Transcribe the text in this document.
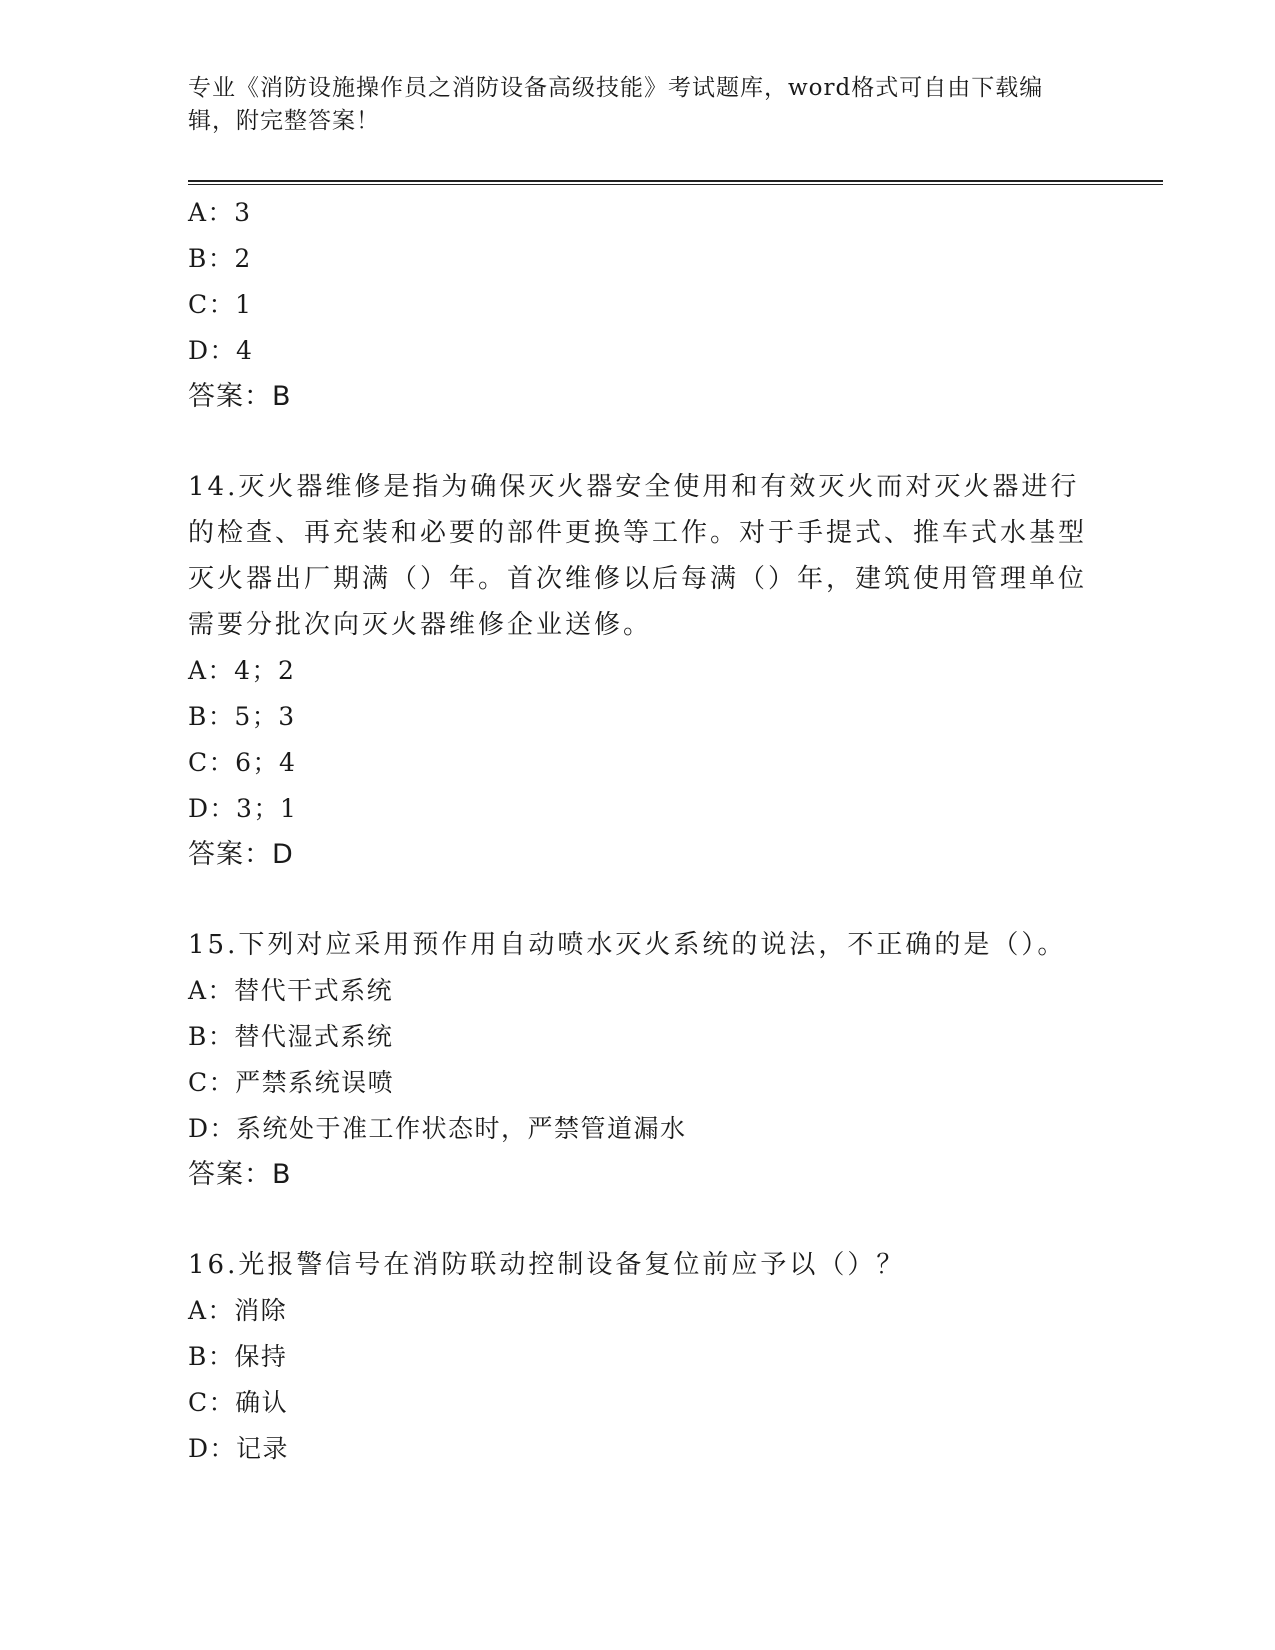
专业《消防设施操作员之消防设备高级技能》考试题库，word格式可自由下载编辑，附完整答案！
A：3
B：2
C：1
D：4
答案：B
14.灭火器维修是指为确保灭火器安全使用和有效灭火而对灭火器进行的检查、再充装和必要的部件更换等工作。对于手提式、推车式水基型灭火器出厂期满（）年。首次维修以后每满（）年，建筑使用管理单位需要分批次向灭火器维修企业送修。
A：4；2
B：5；3
C：6；4
D：3；1
答案：D
15.下列对应采用预作用自动喷水灭火系统的说法，不正确的是（）。
A：替代干式系统
B：替代湿式系统
C：严禁系统误喷
D：系统处于准工作状态时，严禁管道漏水
答案：B
16.光报警信号在消防联动控制设备复位前应予以（）？
A：消除
B：保持
C：确认
D：记录
